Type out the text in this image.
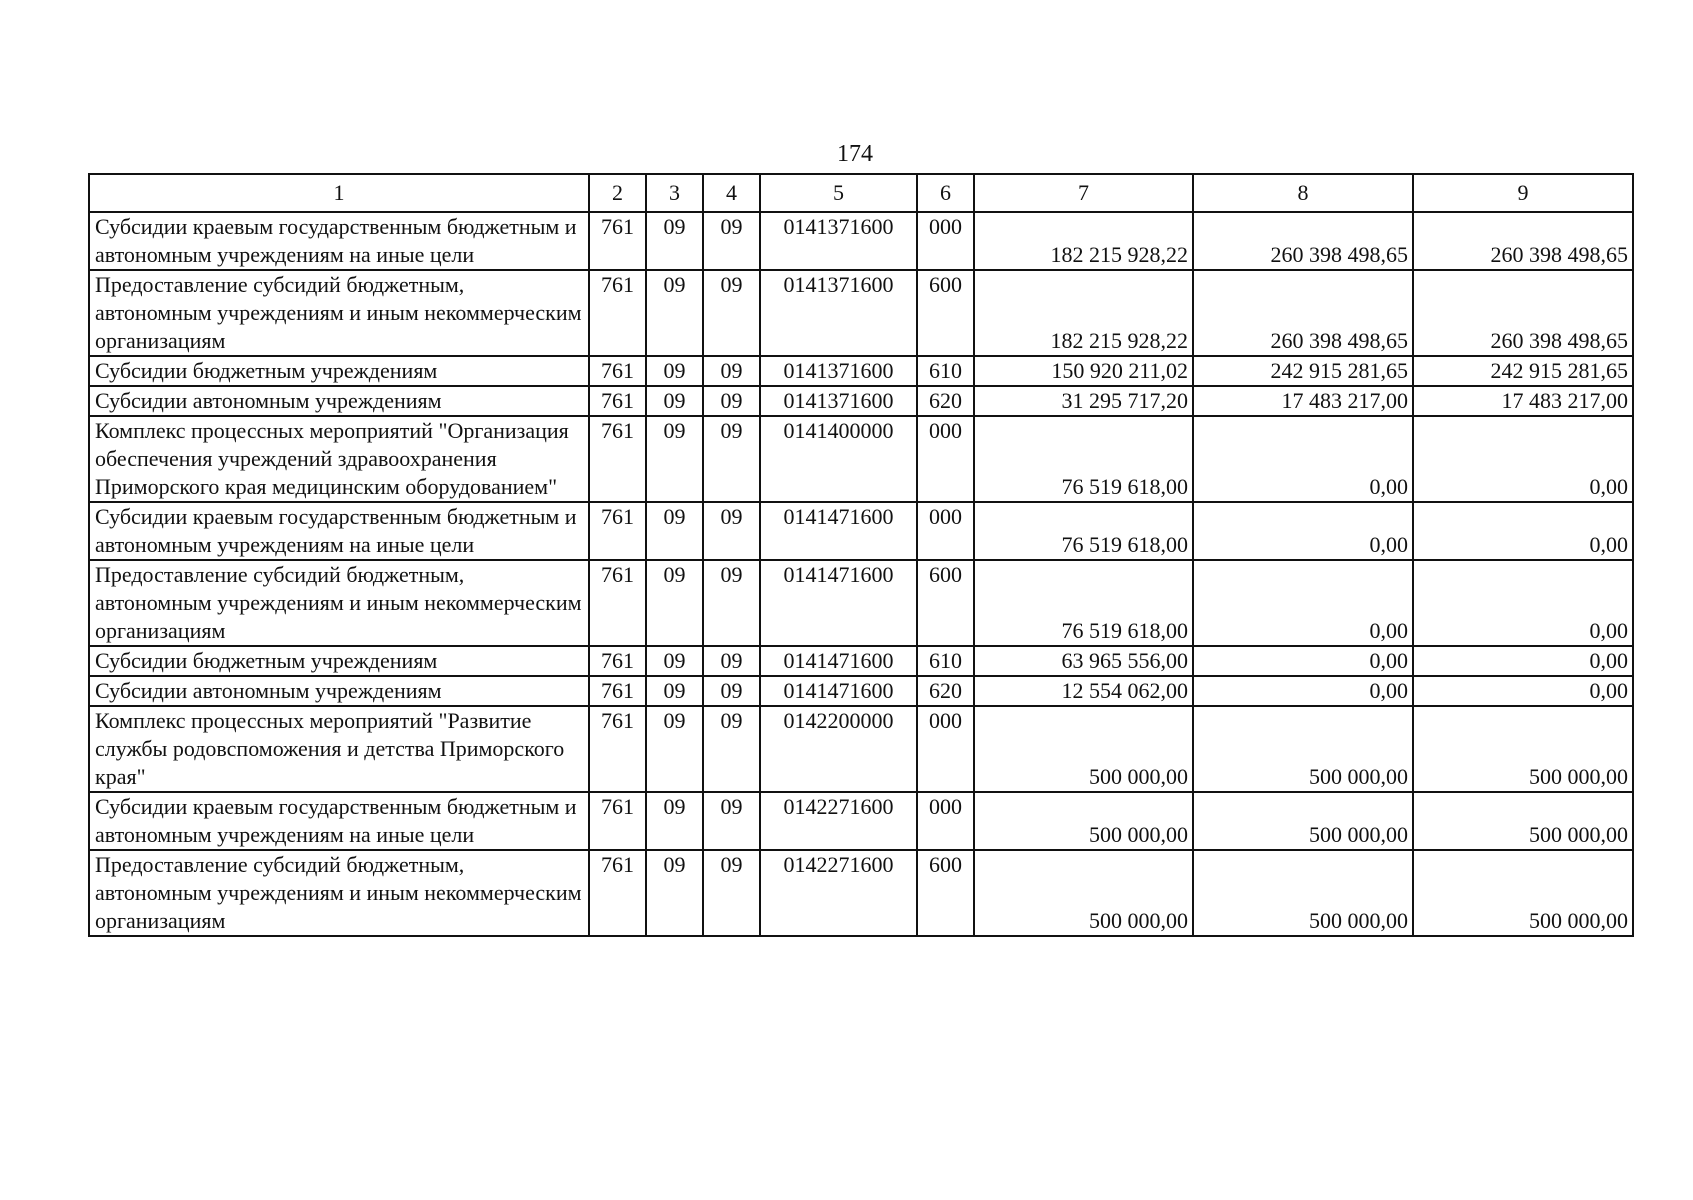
174
1	2	3	4	5	6	7	8	9
Субсидии краевым государственным бюджетным и автономным учреждениям на иные цели	761	09	09	0141371600	000	182 215 928,22	260 398 498,65	260 398 498,65
Предоставление субсидий бюджетным, автономным учреждениям и иным некоммерческим организациям	761	09	09	0141371600	600	182 215 928,22	260 398 498,65	260 398 498,65
Субсидии бюджетным учреждениям	761	09	09	0141371600	610	150 920 211,02	242 915 281,65	242 915 281,65
Субсидии автономным учреждениям	761	09	09	0141371600	620	31 295 717,20	17 483 217,00	17 483 217,00
Комплекс процессных мероприятий "Организация обеспечения учреждений здравоохранения Приморского края медицинским оборудованием"	761	09	09	0141400000	000	76 519 618,00	0,00	0,00
Субсидии краевым государственным бюджетным и автономным учреждениям на иные цели	761	09	09	0141471600	000	76 519 618,00	0,00	0,00
Предоставление субсидий бюджетным, автономным учреждениям и иным некоммерческим организациям	761	09	09	0141471600	600	76 519 618,00	0,00	0,00
Субсидии бюджетным учреждениям	761	09	09	0141471600	610	63 965 556,00	0,00	0,00
Субсидии автономным учреждениям	761	09	09	0141471600	620	12 554 062,00	0,00	0,00
Комплекс процессных мероприятий "Развитие службы родовспоможения и детства Приморского края"	761	09	09	0142200000	000	500 000,00	500 000,00	500 000,00
Субсидии краевым государственным бюджетным и автономным учреждениям на иные цели	761	09	09	0142271600	000	500 000,00	500 000,00	500 000,00
Предоставление субсидий бюджетным, автономным учреждениям и иным некоммерческим организациям	761	09	09	0142271600	600	500 000,00	500 000,00	500 000,00
